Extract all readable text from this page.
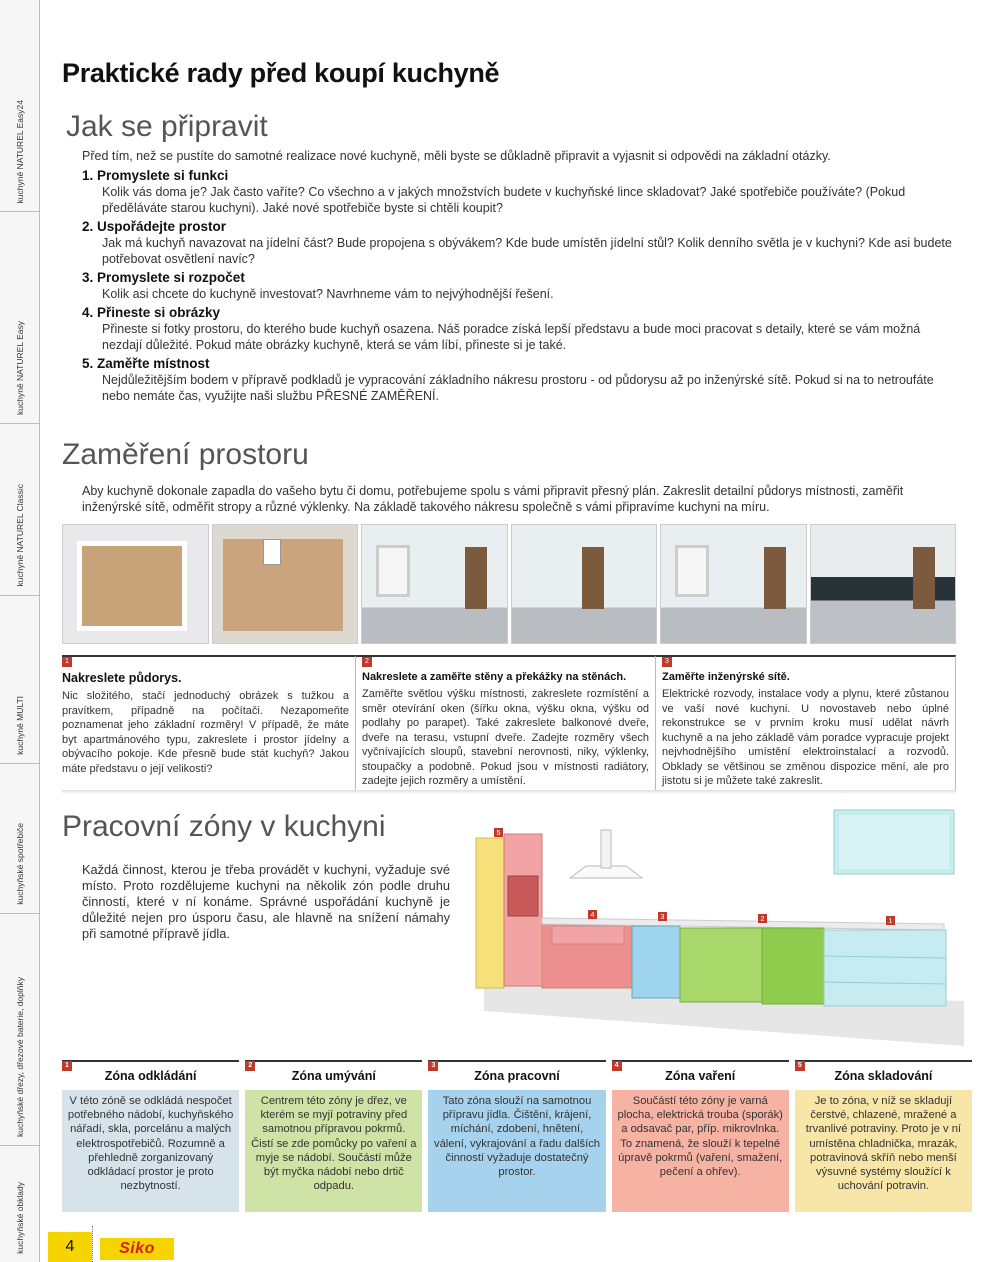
kuchyně NATUREL Easy24
kuchyně NATUREL Easy
kuchyně NATUREL Classic
kuchyně MULTI
kuchyňské spotřebiče
kuchyňské dřezy, dřezové baterie, doplňky
kuchyňské obklady
Praktické rady před koupí kuchyně
Jak se připravit
Před tím, než se pustíte do samotné realizace nové kuchyně, měli byste se důkladně připravit a vyjasnit si odpovědi na základní otázky.
1. Promyslete si funkci
Kolik vás doma je? Jak často vaříte? Co všechno a v jakých množstvích budete v kuchyňské lince skladovat? Jaké spotřebiče používáte? (Pokud předěláváte starou kuchyni). Jaké nové spotřebiče byste si chtěli koupit?
2. Uspořádejte prostor
Jak má kuchyň navazovat na jídelní část? Bude propojena s obývákem? Kde bude umístěn jídelní stůl? Kolik denního světla je v kuchyni? Kde asi budete potřebovat osvětlení navíc?
3. Promyslete si rozpočet
Kolik asi chcete do kuchyně investovat? Navrhneme vám to nejvýhodnější řešení.
4. Přineste si obrázky
Přineste si fotky prostoru, do kterého bude kuchyň osazena. Náš poradce získá lepší představu a bude moci pracovat s detaily, které se vám možná nezdají důležité. Pokud máte obrázky kuchyně, která se vám líbí, přineste si je také.
5. Zaměřte místnost
Nejdůležitějším bodem v přípravě podkladů je vypracování základního nákresu prostoru - od půdorysu až po inženýrské sítě. Pokud si na to netroufáte nebo nemáte čas, využijte naši službu PŘESNÉ ZAMĚŘENÍ.
Zaměření prostoru
Aby kuchyně dokonale zapadla do vašeho bytu či domu, potřebujeme spolu s vámi připravit přesný plán. Zakreslit detailní půdorys místnosti, zaměřit inženýrské sítě, odměřit stropy a různé výklenky. Na základě takového nákresu společně s vámi připravíme kuchyni na míru.
1
Nakreslete půdorys.

Nic složitého, stačí jednoduchý obrázek s tužkou a pravítkem, případně na počítači. Nezapomeňte poznamenat jeho základní rozměry! V případě, že máte byt apartmánového typu, zakreslete i prostor jídelny a obývacího pokoje. Kde přesně bude stát kuchyň? Jakou máte představu o její velikosti?

2
Nakreslete a zaměřte stěny a překážky na stěnách.

Zaměřte světlou výšku místnosti, zakreslete rozmístění a směr otevírání oken (šířku okna, výšku okna, výšku od podlahy po parapet). Také zakreslete balkonové dveře, dveře na terasu, vstupní dveře. Zadejte rozměry všech vyčnívajících sloupů, stavební nerovnosti, niky, výklenky, stoupačky a podobně. Pokud jsou v místnosti radiátory, zadejte jejich rozměry a umístění.

3
Zaměřte inženýrské sítě.

Elektrické rozvody, instalace vody a plynu, které zůstanou ve vaší nové kuchyni. U novostaveb nebo úplné rekonstrukce se v prvním kroku musí udělat návrh kuchyně a na jeho základě vám poradce vypracuje projekt nejvhodnějšího umístění elektroinstalací a rozvodů. Obklady se většinou se změnou dispozice mění, ale pro jistotu si je můžete také zakreslit.

Pracovní zóny v kuchyni
Každá činnost, kterou je třeba provádět v kuchyni, vyžaduje své místo. Proto rozdělujeme kuchyni na několik zón podle druhu činností, které v ní konáme. Správné uspořádání kuchyně je důležité nejen pro úsporu času, ale hlavně na snížení námahy při samotné přípravě jídla.
5
4	3	2	1
1
Zóna odkládání
V této zóně se odkládá nespočet potřebného nádobí, kuchyňského nářadí, skla, porcelánu a malých elektrospotřebičů. Rozumně a přehledně zorganizovaný odkládací prostor je proto nezbytností.
2
Zóna umývání
Centrem této zóny je dřez, ve kterém se myjí potraviny před samotnou přípravou pokrmů. Čistí se zde pomůcky po vaření a myje se nádobí. Součástí může být myčka nádobí nebo drtič odpadu.
3
Zóna pracovní
Tato zóna slouží na samotnou přípravu jídla. Čištění, krájení, míchání, zdobení, hnětení, válení, vykrajování a řadu dalších činností vyžaduje dostatečný prostor.
4
Zóna vaření
Součástí této zóny je varná plocha, elektrická trouba (sporák) a odsavač par, příp. mikrovlnka. To znamená, že slouží k tepelné úpravě pokrmů (vaření, smažení, pečení a ohřev).
5
Zóna skladování
Je to zóna, v níž se skladují čerstvé, chlazené, mražené a trvanlivé potraviny. Proto je v ní umístěna chladnička, mrazák, potravinová skříň nebo menší výsuvné systémy sloužící k uchování potravin.
4	Siko
